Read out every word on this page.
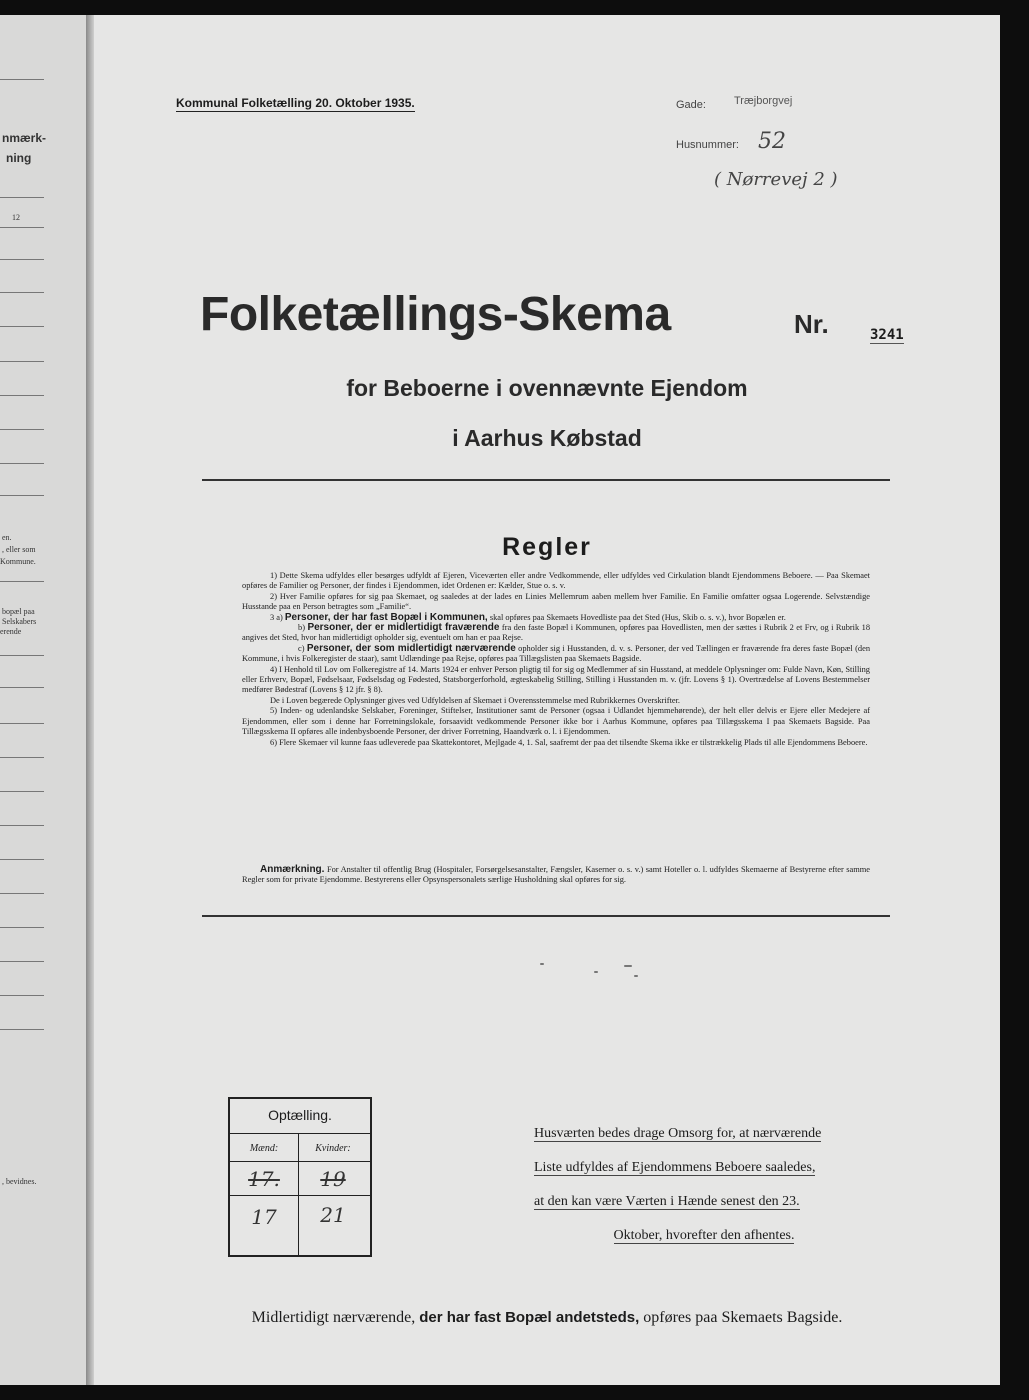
nmærk-
ning
12
en.
, eller som
Kommune.
bopæl paa
Selskabers
erende
, bevidnes.
Kommunal Folketælling 20. Oktober 1935.	Gade:	Træjborgvej
Husnummer: 52
( Nørrevej 2 )
Folketællings-Skema	Nr.	3241
for Beboerne i ovennævnte Ejendom
i Aarhus Købstad
Regler

1) Dette Skema udfyldes eller besørges udfyldt af Ejeren, Viceværten eller andre Vedkommende, eller udfyldes ved Cirkulation blandt Ejendommens Beboere. — Paa Skemaet opføres de Familier og Personer, der findes i Ejendommen, idet Ordenen er: Kælder, Stue o. s. v.

2) Hver Familie opføres for sig paa Skemaet, og saaledes at der lades en Linies Mellemrum aaben mellem hver Familie. En Familie omfatter ogsaa Logerende. Selvstændige Husstande paa en Person betragtes som „Familie“.

3 a) Personer, der har fast Bopæl i Kommunen, skal opføres paa Skemaets Hovedliste paa det Sted (Hus, Skib o. s. v.), hvor Bopælen er.

b) Personer, der er midlertidigt fraværende fra den faste Bopæl i Kommunen, opføres paa Hovedlisten, men der sættes i Rubrik 2 et Frv, og i Rubrik 18 angives det Sted, hvor han midlertidigt opholder sig, eventuelt om han er paa Rejse.

c) Personer, der som midlertidigt nærværende opholder sig i Husstanden, d. v. s. Personer, der ved Tællingen er fraværende fra deres faste Bopæl (den Kommune, i hvis Folkeregister de staar), samt Udlændinge paa Rejse, opføres paa Tillægslisten paa Skemaets Bagside.

4) I Henhold til Lov om Folkeregistre af 14. Marts 1924 er enhver Person pligtig til for sig og Medlemmer af sin Husstand, at meddele Oplysninger om: Fulde Navn, Køn, Stilling eller Erhverv, Bopæl, Fødselsaar, Fødselsdag og Fødested, Statsborgerforhold, ægteskabelig Stilling, Stilling i Husstanden m. v. (jfr. Lovens § 1). Overtrædelse af Lovens Bestemmelser medfører Bødestraf (Lovens § 12 jfr. § 8).

De i Loven begærede Oplysninger gives ved Udfyldelsen af Skemaet i Overensstemmelse med Rubrikkernes Overskrifter.

5) Inden- og udenlandske Selskaber, Foreninger, Stiftelser, Institutioner samt de Personer (ogsaa i Udlandet hjemmehørende), der helt eller delvis er Ejere eller Medejere af Ejendommen, eller som i denne har Forretningslokale, forsaavidt vedkommende Personer ikke bor i Aarhus Kommune, opføres paa Tillægsskema I paa Skemaets Bagside. Paa Tillægsskema II opføres alle indenbysboende Personer, der driver Forretning, Haandværk o. l. i Ejendommen.

6) Flere Skemaer vil kunne faas udleverede paa Skattekontoret, Mejlgade 4, 1. Sal, saafremt der paa det tilsendte Skema ikke er tilstrækkelig Plads til alle Ejendommens Beboere.

Anmærkning. For Anstalter til offentlig Brug (Hospitaler, Forsørgelsesanstalter, Fængsler, Kaserner o. s. v.) samt Hoteller o. l. udfyldes Skemaerne af Bestyrerne efter samme Regler som for private Ejendomme. Bestyrerens eller Opsynspersonalets særlige Husholdning skal opføres for sig.
Optælling.
Mænd:	Kvinder:
17.	19
17	21
Husværten bedes drage Omsorg for, at nærværende
Liste udfyldes af Ejendommens Beboere saaledes,
at den kan være Værten i Hænde senest den 23.
Oktober, hvorefter den afhentes.
Midlertidigt nærværende, der har fast Bopæl andetsteds, opføres paa Skemaets Bagside.
